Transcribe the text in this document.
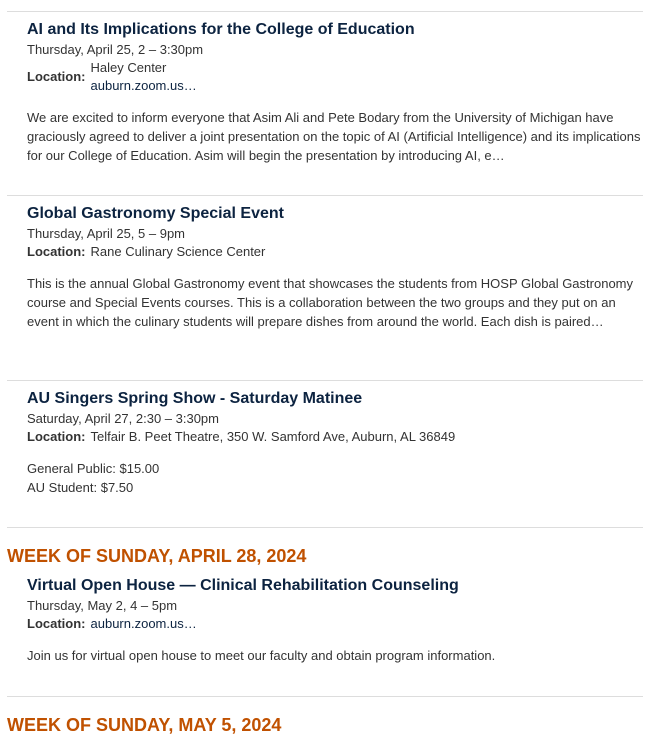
AI and Its Implications for the College of Education
Thursday, April 25, 2 – 3:30pm
Location:
Haley Center
auburn.zoom.us…

We are excited to inform everyone that Asim Ali and Pete Bodary from the University of Michigan have graciously agreed to deliver a joint presentation on the topic of AI (Artificial Intelligence) and its implications for our College of Education. Asim will begin the presentation by introducing AI, e…

Global Gastronomy Special Event
Thursday, April 25, 5 – 9pm
Location: Rane Culinary Science Center

This is the annual Global Gastronomy event that showcases the students from HOSP Global Gastronomy course and Special Events courses. This is a collaboration between the two groups and they put on an event in which the culinary students will prepare dishes from around the world. Each dish is paired…

AU Singers Spring Show - Saturday Matinee
Saturday, April 27, 2:30 – 3:30pm
Location: Telfair B. Peet Theatre, 350 W. Samford Ave, Auburn, AL 36849
General Public: $15.00
AU Student: $7.50
WEEK OF SUNDAY, APRIL 28, 2024
Virtual Open House — Clinical Rehabilitation Counseling
Thursday, May 2, 4 – 5pm
Location: auburn.zoom.us…

Join us for virtual open house to meet our faculty and obtain program information.

WEEK OF SUNDAY, MAY 5, 2024
